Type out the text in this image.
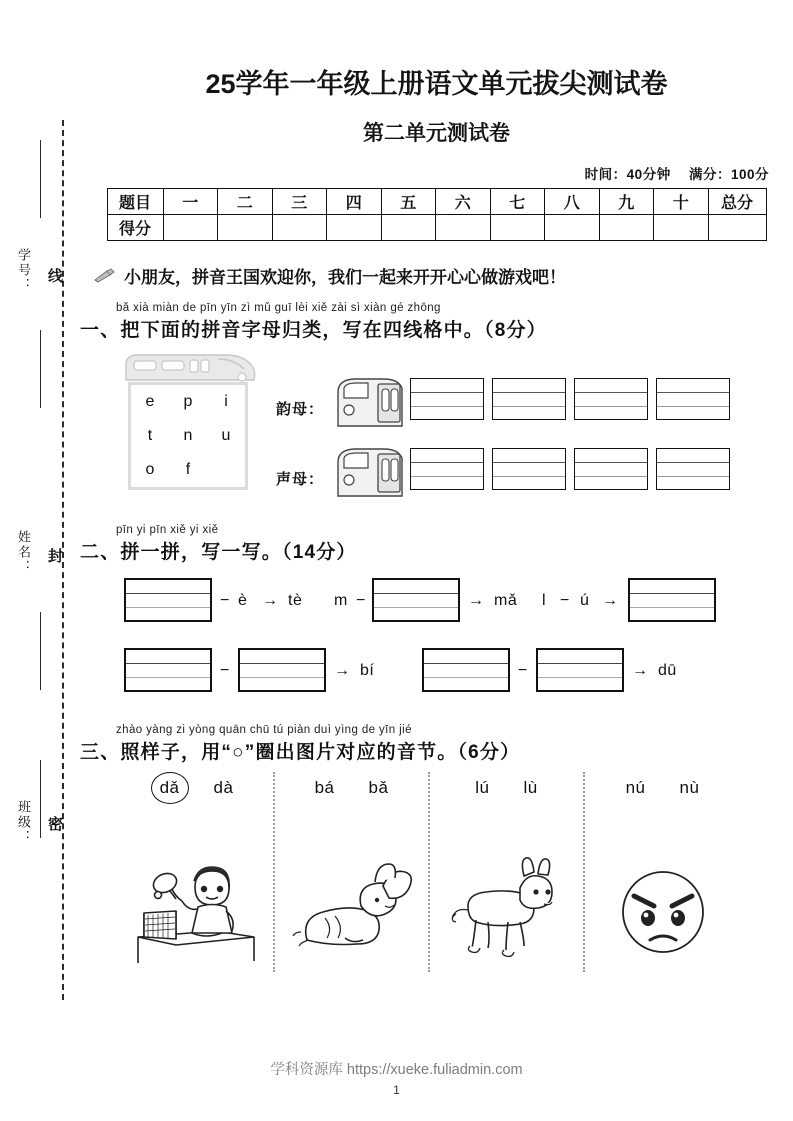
学号： 线
姓名： 封
班级： 密
25学年一年级上册语文单元拔尖测试卷
第二单元测试卷
时间：40分钟 满分：100分
题目	一	二	三	四	五	六	七	八	九	十	总分
得分											
小朋友，拼音王国欢迎你，我们一起来开开心心做游戏吧！
bǎ xià miàn de pīn yīn zì mǔ guī lèi xiě zài sì xiàn gé zhōng
一、把下面的拼音字母归类，写在四线格中。（8分）
e p i
t n u
o f
韵母：
声母：
pīn yi pīn xiě yi xiě
二、拼一拼，写一写。（14分）
− è → tè m −	→ mǎ l − ú →
−	→ bí	−	→ dū
zhào yàng zi yòng quān chū tú piàn duì yìng de yīn jié
三、照样子，用“○”圈出图片对应的音节。（6分）
dǎ dà	bá bǎ	lú lù	nú nù
学科资源库 https://xueke.fuliadmin.com
1
